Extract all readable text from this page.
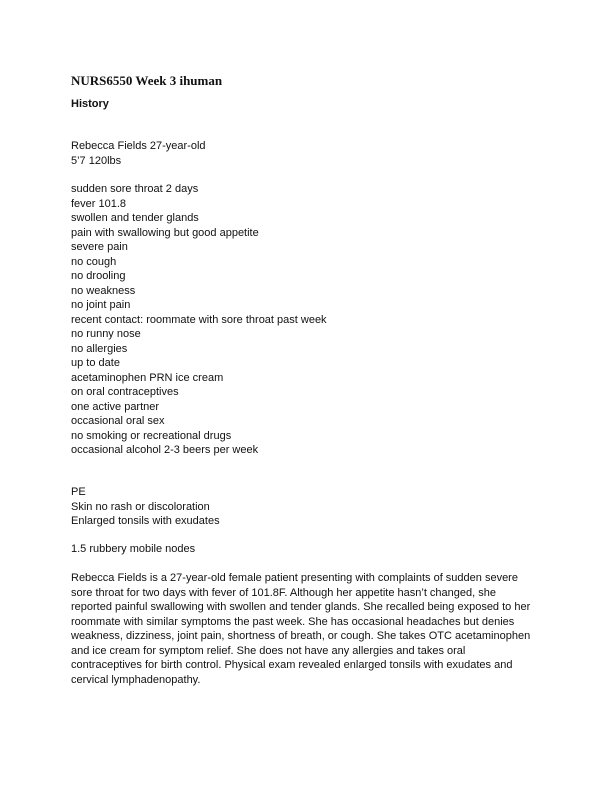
NURS6550 Week 3 ihuman
History
Rebecca Fields 27-year-old
5’7 120lbs
sudden sore throat 2 days
fever 101.8
swollen and tender glands
pain with swallowing but good appetite
severe pain
no cough
no drooling
no weakness
no joint pain
recent contact: roommate with sore throat past week
no runny nose
no allergies
up to date
acetaminophen PRN ice cream
on oral contraceptives
one active partner
occasional oral sex
no smoking or recreational drugs
occasional alcohol 2-3 beers per week
PE
Skin no rash or discoloration
Enlarged tonsils with exudates
1.5 rubbery mobile nodes
Rebecca Fields is a 27-year-old female patient presenting with complaints of sudden severe sore throat for two days with fever of 101.8F. Although her appetite hasn’t changed, she reported painful swallowing with swollen and tender glands. She recalled being exposed to her roommate with similar symptoms the past week. She has occasional headaches but denies weakness, dizziness, joint pain, shortness of breath, or cough. She takes OTC acetaminophen and ice cream for symptom relief. She does not have any allergies and takes oral contraceptives for birth control. Physical exam revealed enlarged tonsils with exudates and cervical lymphadenopathy.
